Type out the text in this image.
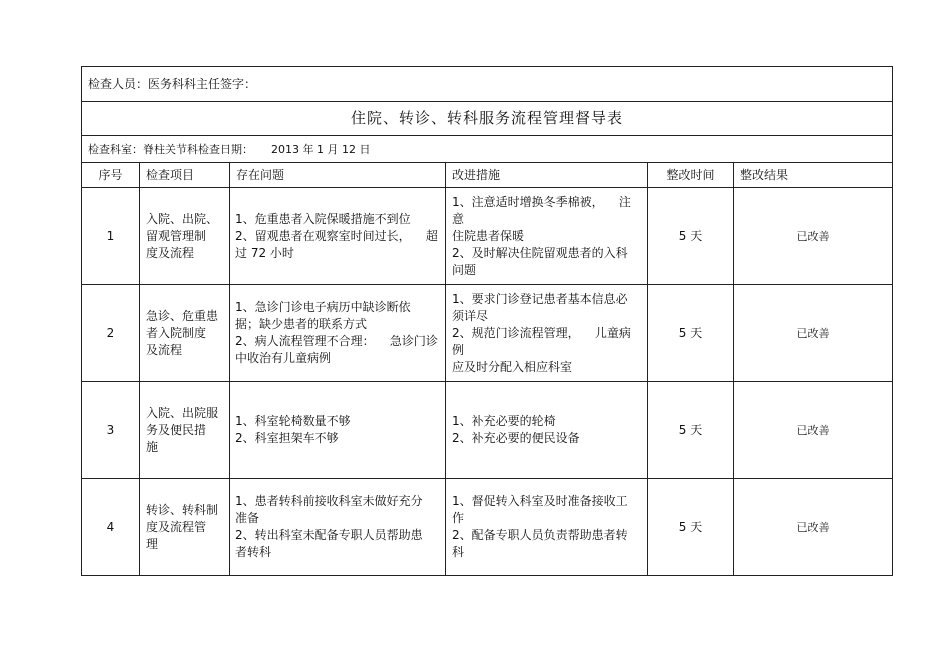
检查人员：医务科科主任签字：					
住院、转诊、转科服务流程管理督导表					
检查科室：脊柱关节科检查日期： 2013 年 1 月 12 日					
序号	检查项目	存在问题	改进措施	整改时间	整改结果
1	入院、出院、
留观管理制
度及流程	1、危重患者入院保暖措施不到位
2、留观患者在观察室时间过长，    超
过 72 小时	1、注意适时增换冬季棉被，    注意
住院患者保暖
2、及时解决住院留观患者的入科
问题	5 天	已改善
2	急诊、危重患
者入院制度
及流程	1、急诊门诊电子病历中缺诊断依
据；缺少患者的联系方式
2、病人流程管理不合理：    急诊门诊
中收治有儿童病例	1、要求门诊登记患者基本信息必
须详尽
2、规范门诊流程管理，    儿童病例
应及时分配入相应科室	5 天	已改善
3	入院、出院服
务及便民措
施	1、科室轮椅数量不够
2、科室担架车不够	1、补充必要的轮椅
2、补充必要的便民设备	5 天	已改善
4	转诊、转科制
度及流程管
理	1、患者转科前接收科室未做好充分
准备
2、转出科室未配备专职人员帮助患
者转科	1、督促转入科室及时准备接收工
作
2、配备专职人员负责帮助患者转
科	5 天	已改善
